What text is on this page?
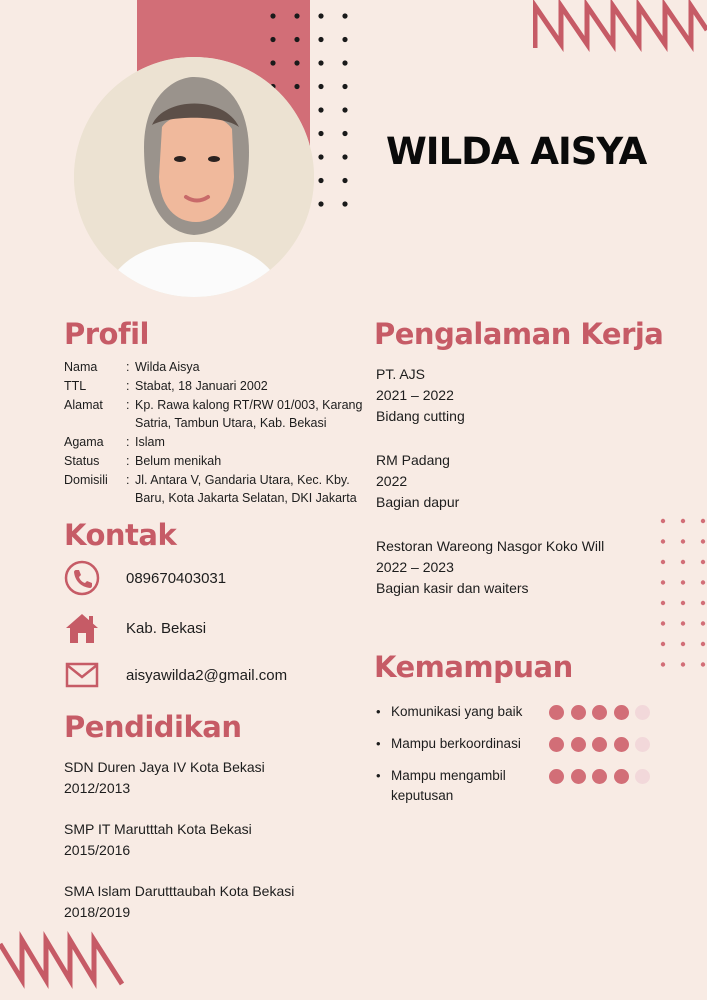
WILDA AISYA
Profil
Nama	: Wilda Aisya
TTL	: Stabat, 18 Januari 2002
Alamat	: Kp. Rawa kalong RT/RW 01/003, Karang Satria, Tambun Utara, Kab. Bekasi
Agama	: Islam
Status	: Belum menikah
Domisili	: Jl. Antara V, Gandaria Utara, Kec. Kby. Baru, Kota Jakarta Selatan, DKI Jakarta
Kontak
089670403031
Kab. Bekasi
aisyawilda2@gmail.com
Pendidikan
SDN Duren Jaya IV Kota Bekasi
2012/2013
SMP IT Marutttah Kota Bekasi
2015/2016
SMA Islam Darutttaubah Kota Bekasi
2018/2019
Pengalaman Kerja
PT. AJS
2021 – 2022
Bidang cutting
RM Padang
2022
Bagian dapur
Restoran Wareong Nasgor Koko Will
2022 – 2023
Bagian kasir dan waiters
Kemampuan
• Komunikasi yang baik
• Mampu berkoordinasi
• Mampu mengambil keputusan
